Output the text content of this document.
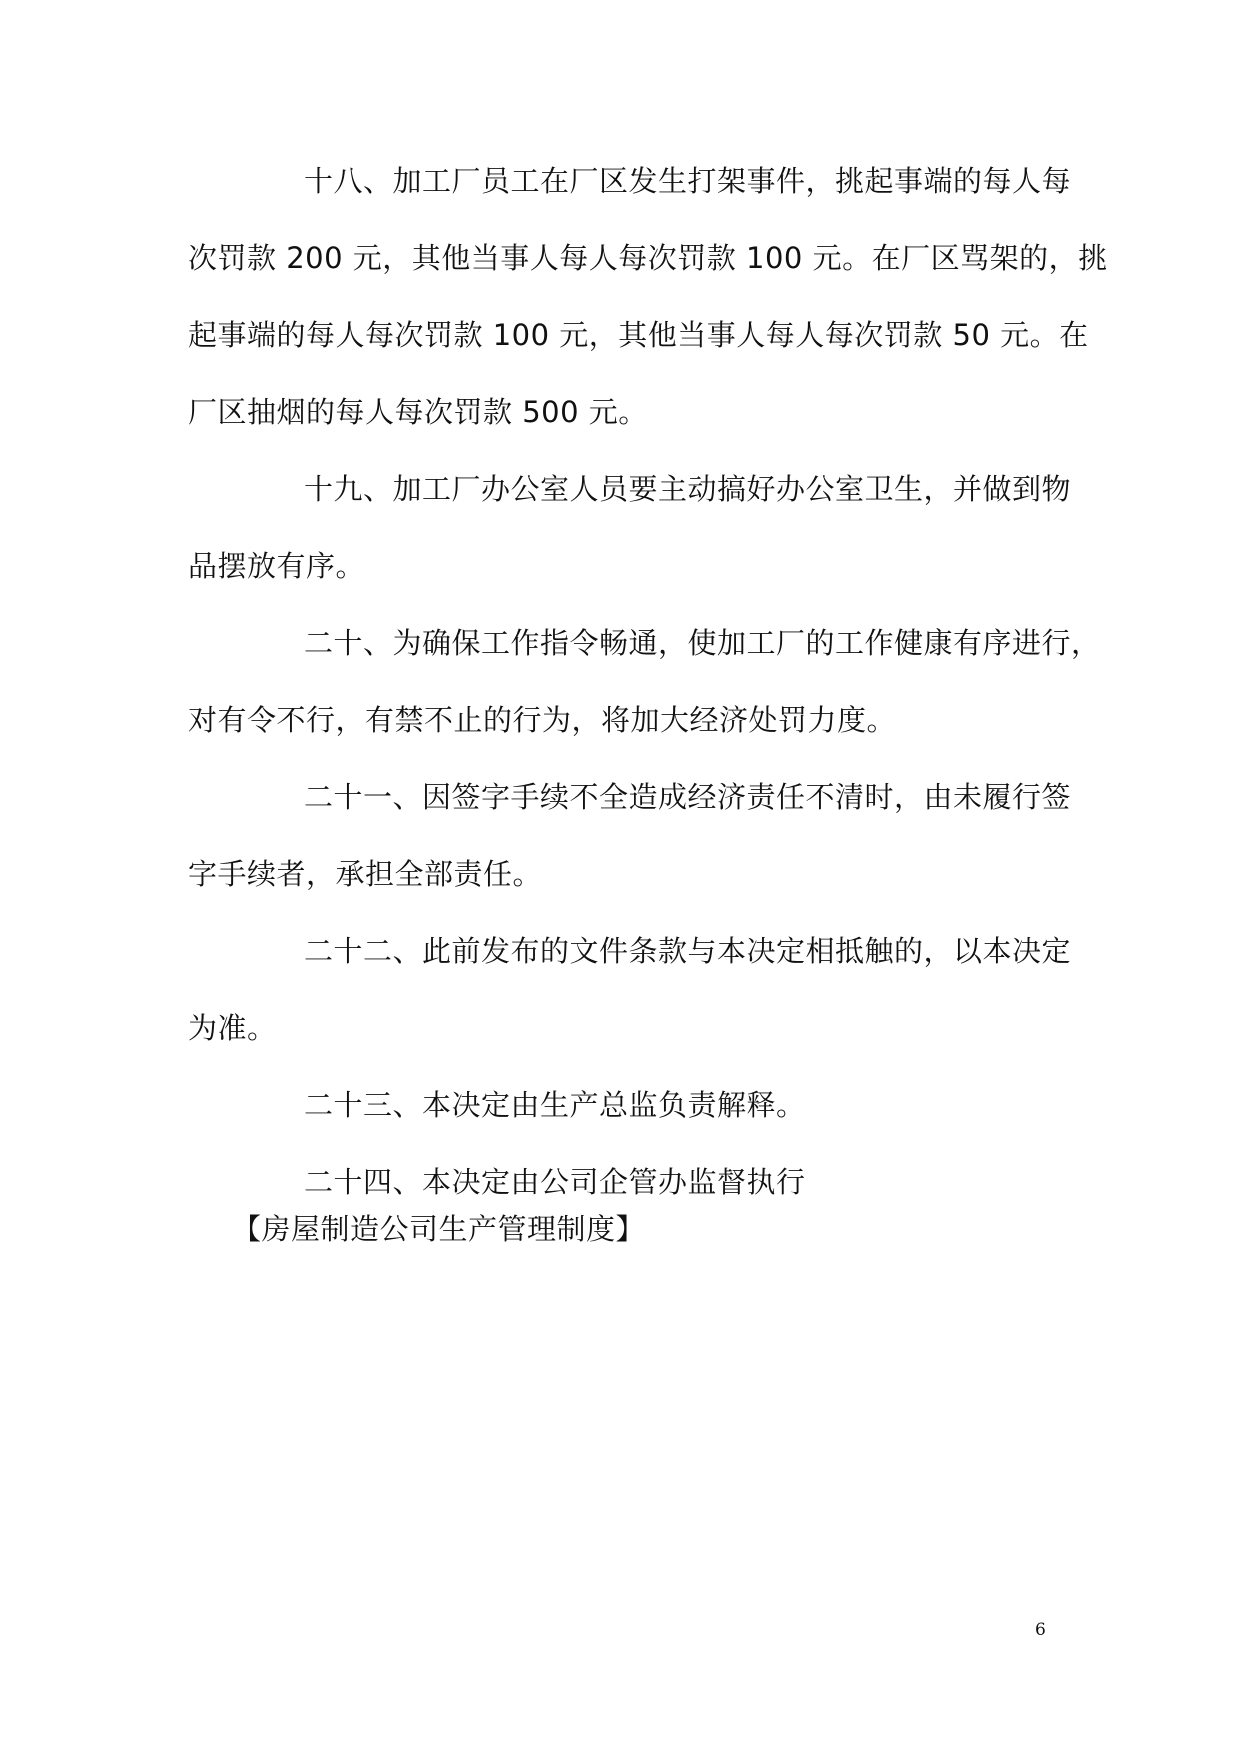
十八、加工厂员工在厂区发生打架事件，挑起事端的每人每
次罚款 200 元，其他当事人每人每次罚款 100 元。在厂区骂架的，挑
起事端的每人每次罚款 100 元，其他当事人每人每次罚款 50 元。在
厂区抽烟的每人每次罚款 500 元。

十九、加工厂办公室人员要主动搞好办公室卫生，并做到物
品摆放有序。

二十、为确保工作指令畅通，使加工厂的工作健康有序进行，
对有令不行，有禁不止的行为，将加大经济处罚力度。

二十一、因签字手续不全造成经济责任不清时，由未履行签
字手续者，承担全部责任。

二十二、此前发布的文件条款与本决定相抵触的，以本决定
为准。

二十三、本决定由生产总监负责解释。

二十四、本决定由公司企管办监督执行

【房屋制造公司生产管理制度】
6
